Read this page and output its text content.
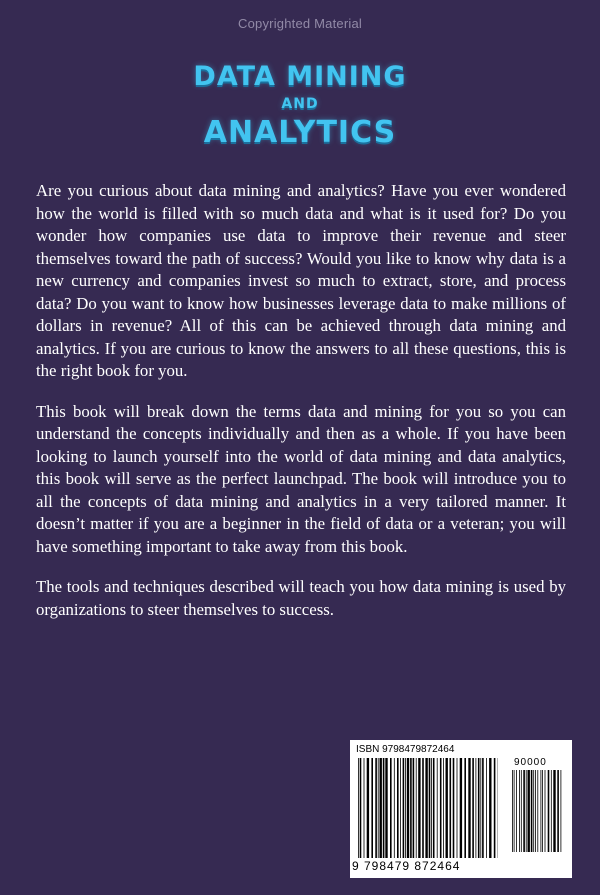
Copyrighted Material
DATA MINING
AND
ANALYTICS

Are you curious about data mining and analytics? Have you ever wondered how the world is filled with so much data and what is it used for? Do you wonder how companies use data to improve their revenue and steer themselves toward the path of success? Would you like to know why data is a new currency and companies invest so much to extract, store, and process data? Do you want to know how businesses leverage data to make millions of dollars in revenue? All of this can be achieved through data mining and analytics. If you are curious to know the answers to all these questions, this is the right book for you.

This book will break down the terms data and mining for you so you can understand the concepts individually and then as a whole. If you have been looking to launch yourself into the world of data mining and data analytics, this book will serve as the perfect launchpad. The book will introduce you to all the concepts of data mining and analytics in a very tailored manner. It doesn’t matter if you are a beginner in the field of data or a veteran; you will have something important to take away from this book.

The tools and techniques described will teach you how data mining is used by organizations to steer themselves to success.

ISBN 9798479872464
90000
9 798479 872464
